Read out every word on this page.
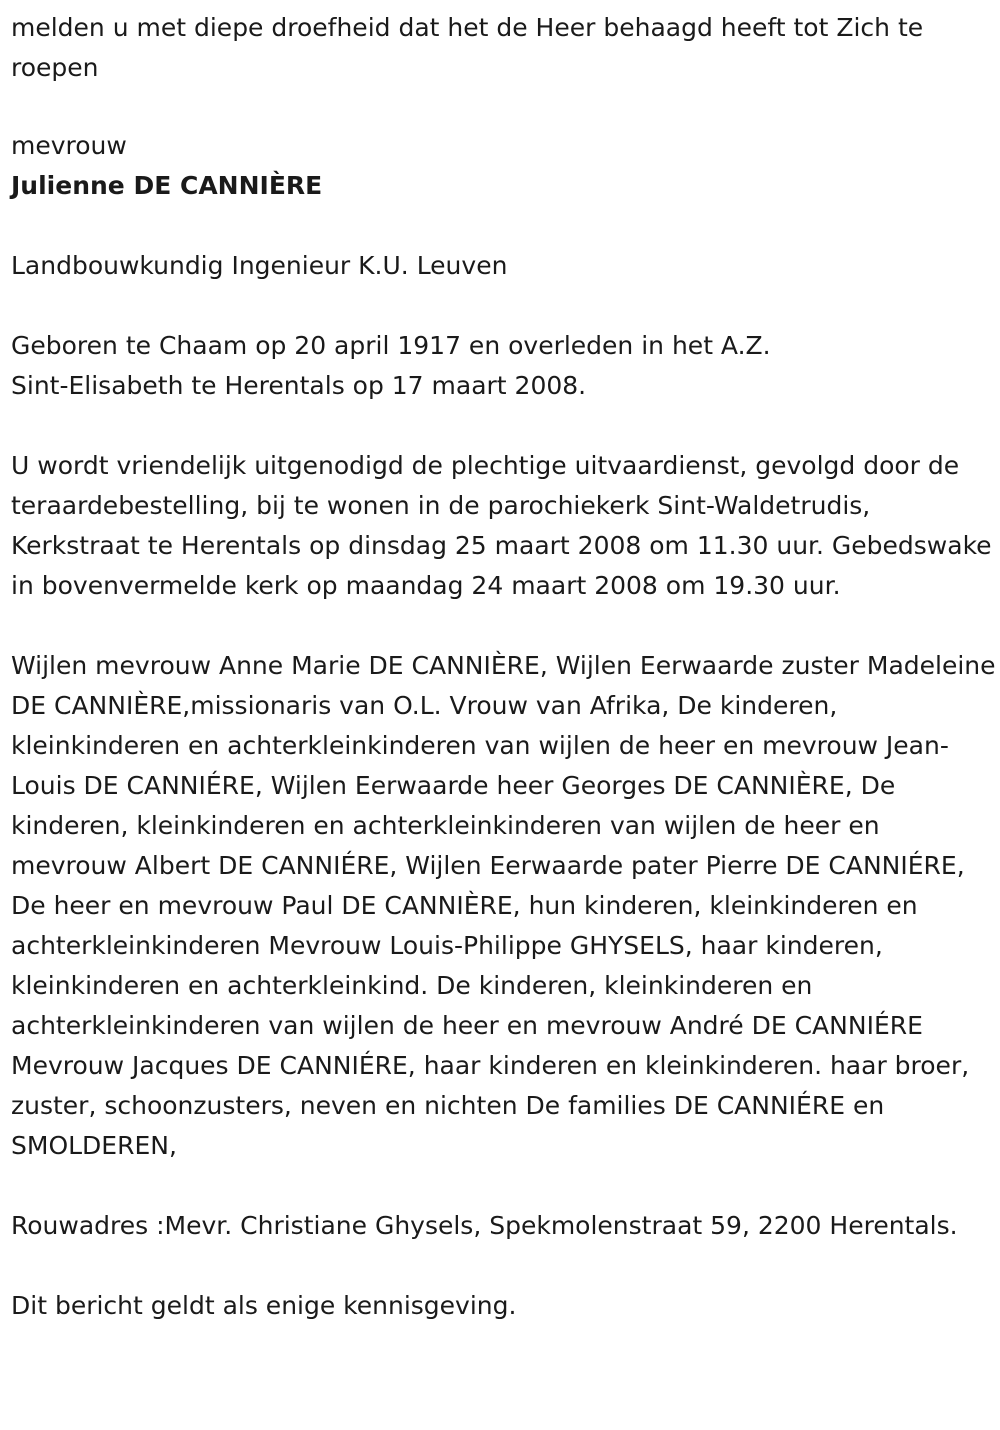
melden u met diepe droefheid dat het de Heer behaagd heeft tot Zich te roepen

mevrouw

Julienne DE CANNIÈRE

Landbouwkundig Ingenieur K.U. Leuven

Geboren te Chaam op 20 april 1917 en overleden in het A.Z.
Sint-Elisabeth te Herentals op 17 maart 2008.

U wordt vriendelijk uitgenodigd de plechtige uitvaardienst, gevolgd door de teraardebestelling, bij te wonen in de parochiekerk Sint-Waldetrudis, Kerkstraat te Herentals op dinsdag 25 maart 2008 om 11.30 uur. Gebedswake in bovenvermelde kerk op maandag 24 maart 2008 om 19.30 uur.

Wijlen mevrouw Anne Marie DE CANNIÈRE, Wijlen Eerwaarde zuster Madeleine DE CANNIÈRE,missionaris van O.L. Vrouw van Afrika, De kinderen, kleinkinderen en achterkleinkinderen van wijlen de heer en mevrouw Jean-Louis DE CANNIÉRE, Wijlen Eerwaarde heer Georges DE CANNIÈRE, De kinderen, kleinkinderen en achterkleinkinderen van wijlen de heer en mevrouw Albert DE CANNIÉRE, Wijlen Eerwaarde pater Pierre DE CANNIÉRE, De heer en mevrouw Paul DE CANNIÈRE, hun kinderen, kleinkinderen en achterkleinkinderen Mevrouw Louis-Philippe GHYSELS, haar kinderen, kleinkinderen en achterkleinkind. De kinderen, kleinkinderen en achterkleinkinderen van wijlen de heer en mevrouw André DE CANNIÉRE Mevrouw Jacques DE CANNIÉRE, haar kinderen en kleinkinderen. haar broer, zuster, schoonzusters, neven en nichten De families DE CANNIÉRE en SMOLDEREN,

Rouwadres :Mevr. Christiane Ghysels, Spekmolenstraat 59, 2200 Herentals.

Dit bericht geldt als enige kennisgeving.
